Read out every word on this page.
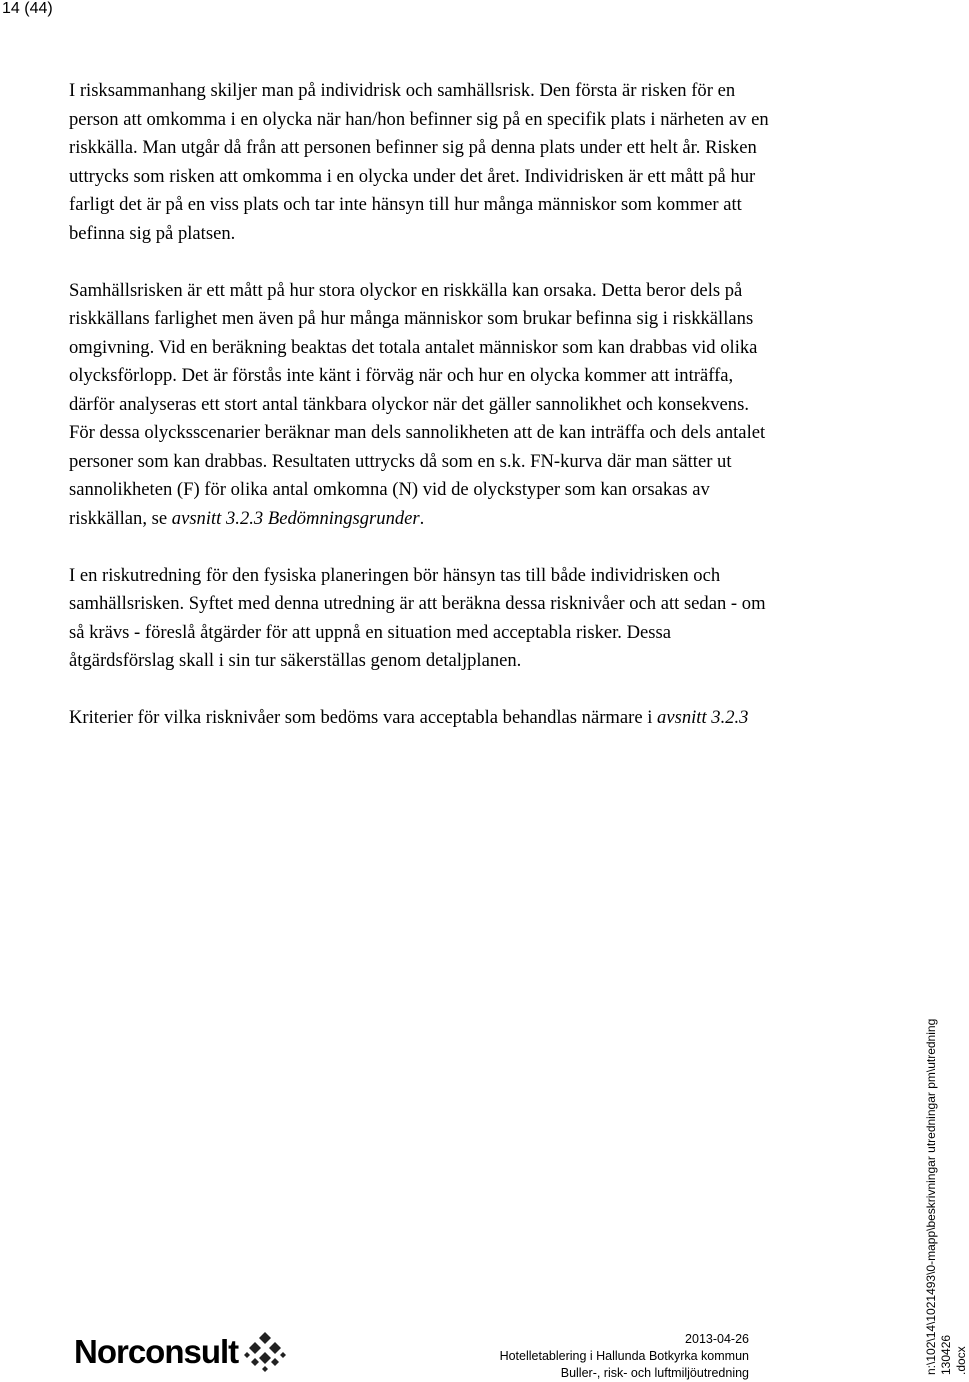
14 (44)

I risksammanhang skiljer man på individrisk och samhällsrisk. Den första är risken för en person att omkomma i en olycka när han/hon befinner sig på en specifik plats i närheten av en riskkälla. Man utgår då från att personen befinner sig på denna plats under ett helt år. Risken uttrycks som risken att omkomma i en olycka under det året. Individrisken är ett mått på hur farligt det är på en viss plats och tar inte hänsyn till hur många människor som kommer att befinna sig på platsen.

Samhällsrisken är ett mått på hur stora olyckor en riskkälla kan orsaka. Detta beror dels på riskkällans farlighet men även på hur många människor som brukar befinna sig i riskkällans omgivning. Vid en beräkning beaktas det totala antalet människor som kan drabbas vid olika olycksförlopp. Det är förstås inte känt i förväg när och hur en olycka kommer att inträffa, därför analyseras ett stort antal tänkbara olyckor när det gäller sannolikhet och konsekvens. För dessa olycksscenarier beräknar man dels sannolikheten att de kan inträffa och dels antalet personer som kan drabbas. Resultaten uttrycks då som en s.k. FN-kurva där man sätter ut sannolikheten (F) för olika antal omkomna (N) vid de olyckstyper som kan orsakas av riskkällan, se avsnitt 3.2.3 Bedömningsgrunder.

I en riskutredning för den fysiska planeringen bör hänsyn tas till både individrisken och samhällsrisken. Syftet med denna utredning är att beräkna dessa risknivåer och att sedan - om så krävs - föreslå åtgärder för att uppnå en situation med acceptabla risker. Dessa åtgärdsförslag skall i sin tur säkerställas genom detaljplanen.

Kriterier för vilka risknivåer som bedöms vara acceptabla behandlas närmare i avsnitt 3.2.3

Norconsult	2013-04-26
Hotelletablering i Hallunda Botkyrka kommun
Buller-, risk- och luftmiljöutredning	n:\102\14\1021493\0-mapp\beskrivningar utredningar pm\utredning 130426 .docx
